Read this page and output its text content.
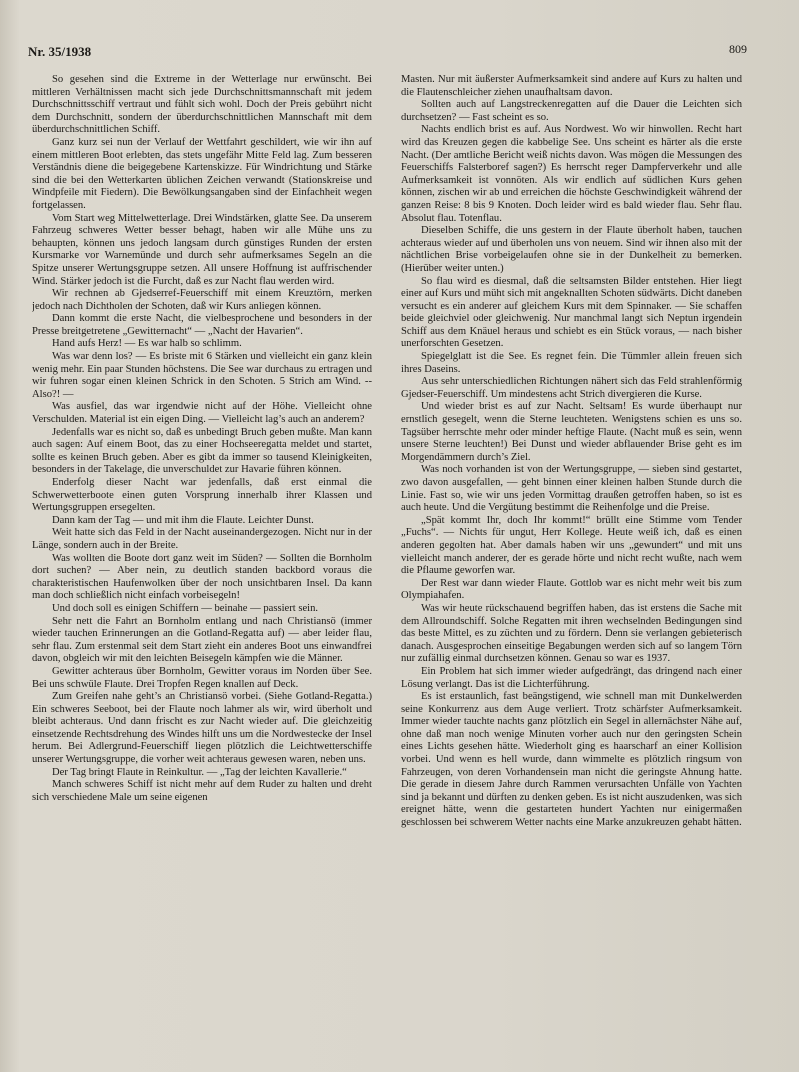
Nr. 35/1938	809

So gesehen sind die Extreme in der Wetterlage nur erwünscht. Bei mittleren Verhältnissen macht sich jede Durchschnittsmannschaft mit jedem Durchschnittsschiff vertraut und fühlt sich wohl. Doch der Preis gebührt nicht dem Durchschnitt, sondern der überdurchschnittlichen Mannschaft mit dem überdurchschnittlichen Schiff.

Ganz kurz sei nun der Verlauf der Wettfahrt geschildert, wie wir ihn auf einem mittleren Boot erlebten, das stets ungefähr Mitte Feld lag. Zum besseren Verständnis diene die beigegebene Kartenskizze. Für Windrichtung und Stärke sind die bei den Wetterkarten üblichen Zeichen verwandt (Stationskreise und Windpfeile mit Fiedern). Die Bewölkungsangaben sind der Einfachheit wegen fortgelassen.

Vom Start weg Mittelwetterlage. Drei Windstärken, glatte See. Da unserem Fahrzeug schweres Wetter besser behagt, haben wir alle Mühe uns zu behaupten, können uns jedoch langsam durch günstiges Runden der ersten Kursmarke vor Warnemünde und durch sehr aufmerksames Segeln an die Spitze unserer Wertungsgruppe setzen. All unsere Hoffnung ist auffrischender Wind. Stärker jedoch ist die Furcht, daß es zur Nacht flau werden wird.

Wir rechnen ab Gjedserref-Feuerschiff mit einem Kreuztörn, merken jedoch nach Dichtholen der Schoten, daß wir Kurs anliegen können.

Dann kommt die erste Nacht, die vielbesprochene und besonders in der Presse breitgetretene „Gewitternacht“ — „Nacht der Havarien“.

Hand aufs Herz! — Es war halb so schlimm.

Was war denn los? — Es briste mit 6 Stärken und vielleicht ein ganz klein wenig mehr. Ein paar Stunden höchstens. Die See war durchaus zu ertragen und wir fuhren sogar einen kleinen Schrick in den Schoten. 5 Strich am Wind. -- Also?! —

Was ausfiel, das war irgendwie nicht auf der Höhe. Vielleicht ohne Verschulden. Material ist ein eigen Ding. — Vielleicht lag’s auch an anderem?

Jedenfalls war es nicht so, daß es unbedingt Bruch geben mußte. Man kann auch sagen: Auf einem Boot, das zu einer Hochseeregatta meldet und startet, sollte es keinen Bruch geben. Aber es gibt da immer so tausend Kleinigkeiten, besonders in der Takelage, die unverschuldet zur Havarie führen können.

Enderfolg dieser Nacht war jedenfalls, daß erst einmal die Schwerwetterboote einen guten Vorsprung innerhalb ihrer Klassen und Wertungsgruppen ersegelten.

Dann kam der Tag — und mit ihm die Flaute. Leichter Dunst.

Weit hatte sich das Feld in der Nacht auseinandergezogen. Nicht nur in der Länge, sondern auch in der Breite.

Was wollten die Boote dort ganz weit im Süden? — Sollten die Bornholm dort suchen? — Aber nein, zu deutlich standen backbord voraus die charakteristischen Haufenwolken über der noch unsichtbaren Insel. Da kann man doch schließlich nicht einfach vorbeisegeln!

Und doch soll es einigen Schiffern — beinahe — passiert sein.

Sehr nett die Fahrt an Bornholm entlang und nach Christiansö (immer wieder tauchen Erinnerungen an die Gotland-Regatta auf) — aber leider flau, sehr flau. Zum erstenmal seit dem Start zieht ein anderes Boot uns einwandfrei davon, obgleich wir mit den leichten Beisegeln kämpfen wie die Männer.

Gewitter achteraus über Bornholm, Gewitter voraus im Norden über See. Bei uns schwüle Flaute. Drei Tropfen Regen knallen auf Deck.

Zum Greifen nahe geht’s an Christiansö vorbei. (Siehe Gotland-Regatta.) Ein schweres Seeboot, bei der Flaute noch lahmer als wir, wird überholt und bleibt achteraus. Und dann frischt es zur Nacht wieder auf. Die gleichzeitig einsetzende Rechtsdrehung des Windes hilft uns um die Nordwestecke der Insel herum. Bei Adlergrund-Feuerschiff liegen plötzlich die Leichtwetterschiffe unserer Wertungsgruppe, die vorher weit achteraus gewesen waren, neben uns.

Der Tag bringt Flaute in Reinkultur. — „Tag der leichten Kavallerie.“

Manch schweres Schiff ist nicht mehr auf dem Ruder zu halten und dreht sich verschiedene Male um seine eigenen

Masten. Nur mit äußerster Aufmerksamkeit sind andere auf Kurs zu halten und die Flautenschleicher ziehen unaufhaltsam davon.

Sollten auch auf Langstreckenregatten auf die Dauer die Leichten sich durchsetzen? — Fast scheint es so.

Nachts endlich brist es auf. Aus Nordwest. Wo wir hinwollen. Recht hart wird das Kreuzen gegen die kabbelige See. Uns scheint es härter als die erste Nacht. (Der amtliche Bericht weiß nichts davon. Was mögen die Messungen des Feuerschiffs Falsterboref sagen?) Es herrscht reger Dampferverkehr und alle Aufmerksamkeit ist vonnöten. Als wir endlich auf südlichen Kurs gehen können, zischen wir ab und erreichen die höchste Geschwindigkeit während der ganzen Reise: 8 bis 9 Knoten. Doch leider wird es bald wieder flau. Sehr flau. Absolut flau. Totenflau.

Dieselben Schiffe, die uns gestern in der Flaute überholt haben, tauchen achteraus wieder auf und überholen uns von neuem. Sind wir ihnen also mit der nächtlichen Brise vorbeigelaufen ohne sie in der Dunkelheit zu bemerken. (Hierüber weiter unten.)

So flau wird es diesmal, daß die seltsamsten Bilder entstehen. Hier liegt einer auf Kurs und müht sich mit angeknallten Schoten südwärts. Dicht daneben versucht es ein anderer auf gleichem Kurs mit dem Spinnaker. — Sie schaffen beide gleichviel oder gleichwenig. Nur manchmal langt sich Neptun irgendein Schiff aus dem Knäuel heraus und schiebt es ein Stück voraus, — nach bisher unerforschten Gesetzen.

Spiegelglatt ist die See. Es regnet fein. Die Tümmler allein freuen sich ihres Daseins.

Aus sehr unterschiedlichen Richtungen nähert sich das Feld strahlenförmig Gjedser-Feuerschiff. Um mindestens acht Strich divergieren die Kurse.

Und wieder brist es auf zur Nacht. Seltsam! Es wurde überhaupt nur ernstlich gesegelt, wenn die Sterne leuchteten. Wenigstens schien es uns so. Tagsüber herrschte mehr oder minder heftige Flaute. (Nacht muß es sein, wenn unsere Sterne leuchten!) Bei Dunst und wieder abflauender Brise geht es im Morgendämmern durch’s Ziel.

Was noch vorhanden ist von der Wertungsgruppe, — sieben sind gestartet, zwo davon ausgefallen, — geht binnen einer kleinen halben Stunde durch die Linie. Fast so, wie wir uns jeden Vormittag draußen getroffen haben, so ist es auch heute. Und die Vergütung bestimmt die Reihenfolge und die Preise.

„Spät kommt Ihr, doch Ihr kommt!“ brüllt eine Stimme vom Tender „Fuchs“. — Nichts für ungut, Herr Kollege. Heute weiß ich, daß es einen anderen gegolten hat. Aber damals haben wir uns „gewundert“ und mit uns vielleicht manch anderer, der es gerade hörte und nicht recht wußte, nach wem die Pflaume geworfen war.

Der Rest war dann wieder Flaute. Gottlob war es nicht mehr weit bis zum Olympiahafen.

Was wir heute rückschauend begriffen haben, das ist erstens die Sache mit dem Allroundschiff. Solche Regatten mit ihren wechselnden Bedingungen sind das beste Mittel, es zu züchten und zu fördern. Denn sie verlangen gebieterisch danach. Ausgesprochen einseitige Begabungen werden sich auf so langem Törn nur zufällig einmal durchsetzen können. Genau so war es 1937.

Ein Problem hat sich immer wieder aufgedrängt, das dringend nach einer Lösung verlangt. Das ist die Lichterführung.

Es ist erstaunlich, fast beängstigend, wie schnell man mit Dunkelwerden seine Konkurrenz aus dem Auge verliert. Trotz schärfster Aufmerksamkeit. Immer wieder tauchte nachts ganz plötzlich ein Segel in allernächster Nähe auf, ohne daß man noch wenige Minuten vorher auch nur den geringsten Schein eines Lichts gesehen hätte. Wiederholt ging es haarscharf an einer Kollision vorbei. Und wenn es hell wurde, dann wimmelte es plötzlich ringsum von Fahrzeugen, von deren Vorhandensein man nicht die geringste Ahnung hatte. Die gerade in diesem Jahre durch Rammen verursachten Unfälle von Yachten sind ja bekannt und dürften zu denken geben. Es ist nicht auszudenken, was sich ereignet hätte, wenn die gestarteten hundert Yachten nur einigermaßen geschlossen bei schwerem Wetter nachts eine Marke anzukreuzen gehabt hätten.
